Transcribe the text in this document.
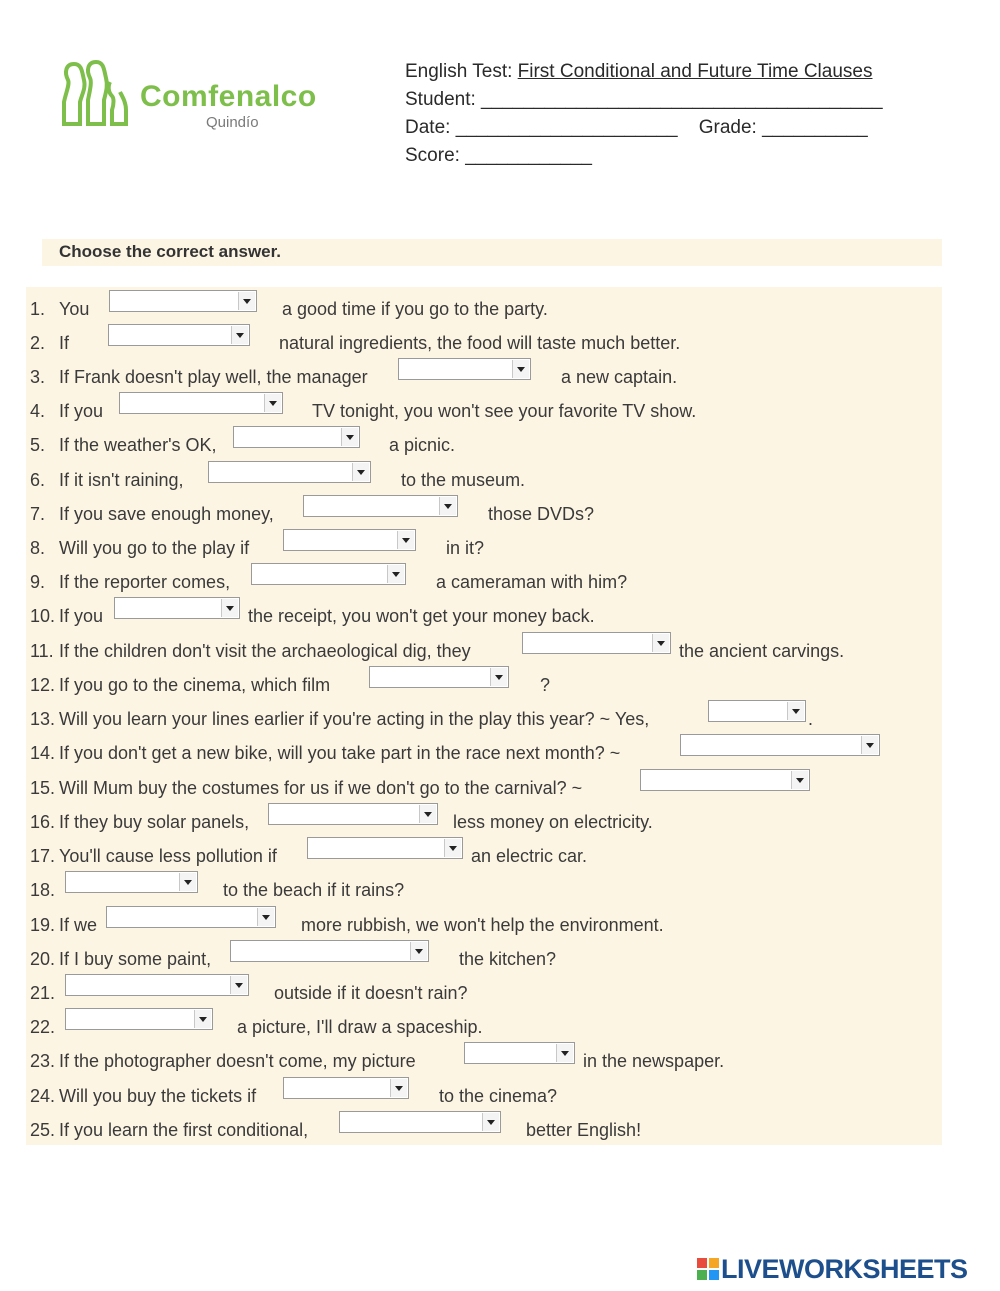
Comfenalco
Quindío
English Test: First Conditional and Future Time Clauses
Student: ______________________________________
Date: _____________________    Grade: __________
Score: ____________
Choose the correct answer.
1. You	a good time if you go to the party.
2. If	natural ingredients, the food will taste much better.
3. If Frank doesn't play well, the manager	a new captain.
4. If you	TV tonight, you won't see your favorite TV show.
5. If the weather's OK,	a picnic.
6. If it isn't raining,	to the museum.
7. If you save enough money,	those DVDs?
8. Will you go to the play if	in it?
9. If the reporter comes,	a cameraman with him?
10. If you	the receipt, you won't get your money back.
11. If the children don't visit the archaeological dig, they	the ancient carvings.
12. If you go to the cinema, which film	?
13. Will you learn your lines earlier if you're acting in the play this year? ~ Yes,	.
14. If you don't get a new bike, will you take part in the race next month? ~
15. Will Mum buy the costumes for us if we don't go to the carnival? ~
16. If they buy solar panels,	less money on electricity.
17. You'll cause less pollution if	an electric car.
18.	to the beach if it rains?
19. If we	more rubbish, we won't help the environment.
20. If I buy some paint,	the kitchen?
21.	outside if it doesn't rain?
22.	a picture, I'll draw a spaceship.
23. If the photographer doesn't come, my picture	in the newspaper.
24. Will you buy the tickets if	to the cinema?
25. If you learn the first conditional,	better English!
LIVEWORKSHEETS
